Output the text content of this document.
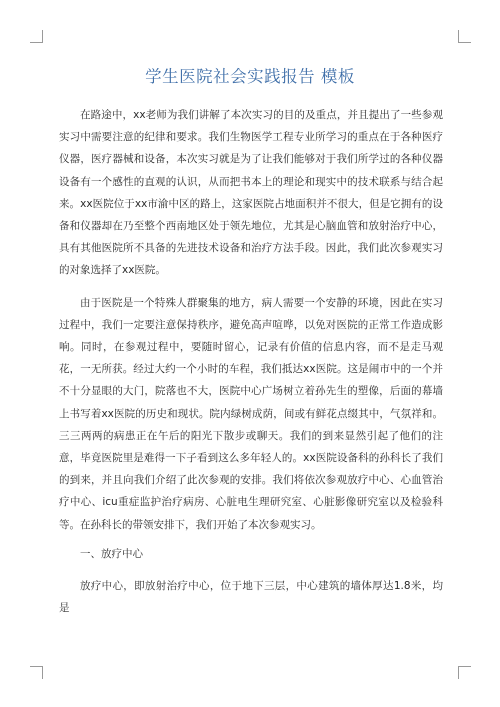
学生医院社会实践报告 模板

在路途中，xx老师为我们讲解了本次实习的目的及重点，并且提出了一些参观实习中需要注意的纪律和要求。我们生物医学工程专业所学习的重点在于各种医疗仪器，医疗器械和设备，本次实习就是为了让我们能够对于我们所学过的各种仪器设备有一个感性的直观的认识，从而把书本上的理论和现实中的技术联系与结合起来。xx医院位于xx市渝中区的路上，这家医院占地面积并不很大，但是它拥有的设备和仪器却在乃至整个西南地区处于领先地位，尤其是心脑血管和放射治疗中心，具有其他医院所不具备的先进技术设备和治疗方法手段。因此，我们此次参观实习的对象选择了xx医院。

由于医院是一个特殊人群聚集的地方，病人需要一个安静的环境，因此在实习过程中，我们一定要注意保持秩序，避免高声喧哗，以免对医院的正常工作造成影响。同时，在参观过程中，要随时留心，记录有价值的信息内容，而不是走马观花，一无所获。经过大约一个小时的车程，我们抵达xx医院。这是闹市中的一个并不十分显眼的大门，院落也不大，医院中心广场树立着孙先生的塑像，后面的幕墙上书写着xx医院的历史和现状。院内绿树成荫，间或有鲜花点缀其中，气氛祥和。三三两两的病患正在午后的阳光下散步或聊天。我们的到来显然引起了他们的注意，毕竟医院里是难得一下子看到这么多年轻人的。xx医院设备科的孙科长了我们的到来，并且向我们介绍了此次参观的安排。我们将依次参观放疗中心、心血管治疗中心、icu重症监护治疗病房、心脏电生理研究室、心脏影像研究室以及检验科等。在孙科长的带领安排下，我们开始了本次参观实习。

一、放疗中心

放疗中心，即放射治疗中心，位于地下三层，中心建筑的墙体厚达1.8米，均是
